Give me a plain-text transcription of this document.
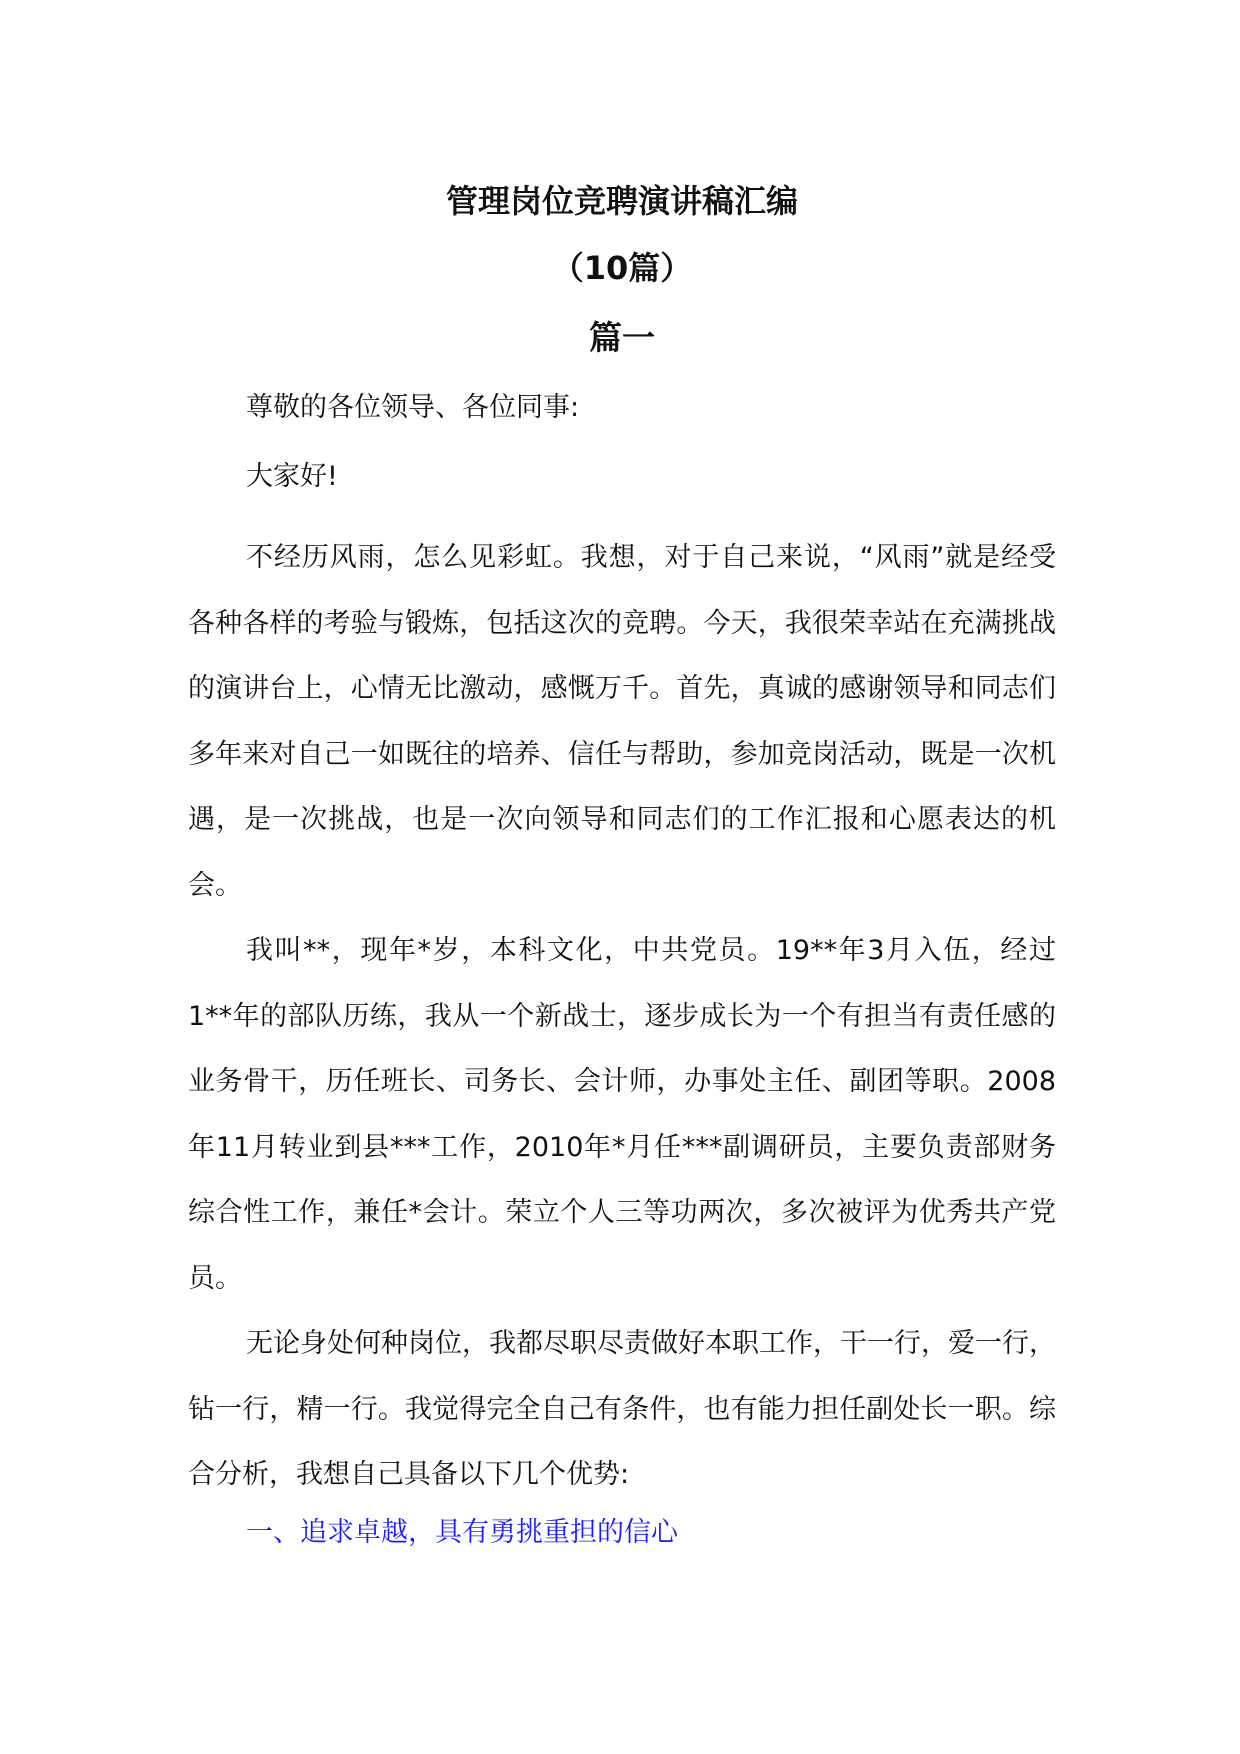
管理岗位竞聘演讲稿汇编
（10篇）
篇一
尊敬的各位领导、各位同事:
大家好!

不经历风雨，怎么见彩虹。我想，对于自己来说，“风雨”就是经受各种各样的考验与锻炼，包括这次的竞聘。今天，我很荣幸站在充满挑战的演讲台上，心情无比激动，感慨万千。首先，真诚的感谢领导和同志们多年来对自己一如既往的培养、信任与帮助，参加竞岗活动，既是一次机遇，是一次挑战，也是一次向领导和同志们的工作汇报和心愿表达的机会。

我叫**，现年*岁，本科文化，中共党员。19**年3月入伍，经过1**年的部队历练，我从一个新战士，逐步成长为一个有担当有责任感的业务骨干，历任班长、司务长、会计师，办事处主任、副团等职。2008年11月转业到县***工作，2010年*月任***副调研员，主要负责部财务综合性工作，兼任*会计。荣立个人三等功两次，多次被评为优秀共产党员。

无论身处何种岗位，我都尽职尽责做好本职工作，干一行，爱一行，钻一行，精一行。我觉得完全自己有条件，也有能力担任副处长一职。综合分析，我想自己具备以下几个优势:

一、追求卓越，具有勇挑重担的信心
